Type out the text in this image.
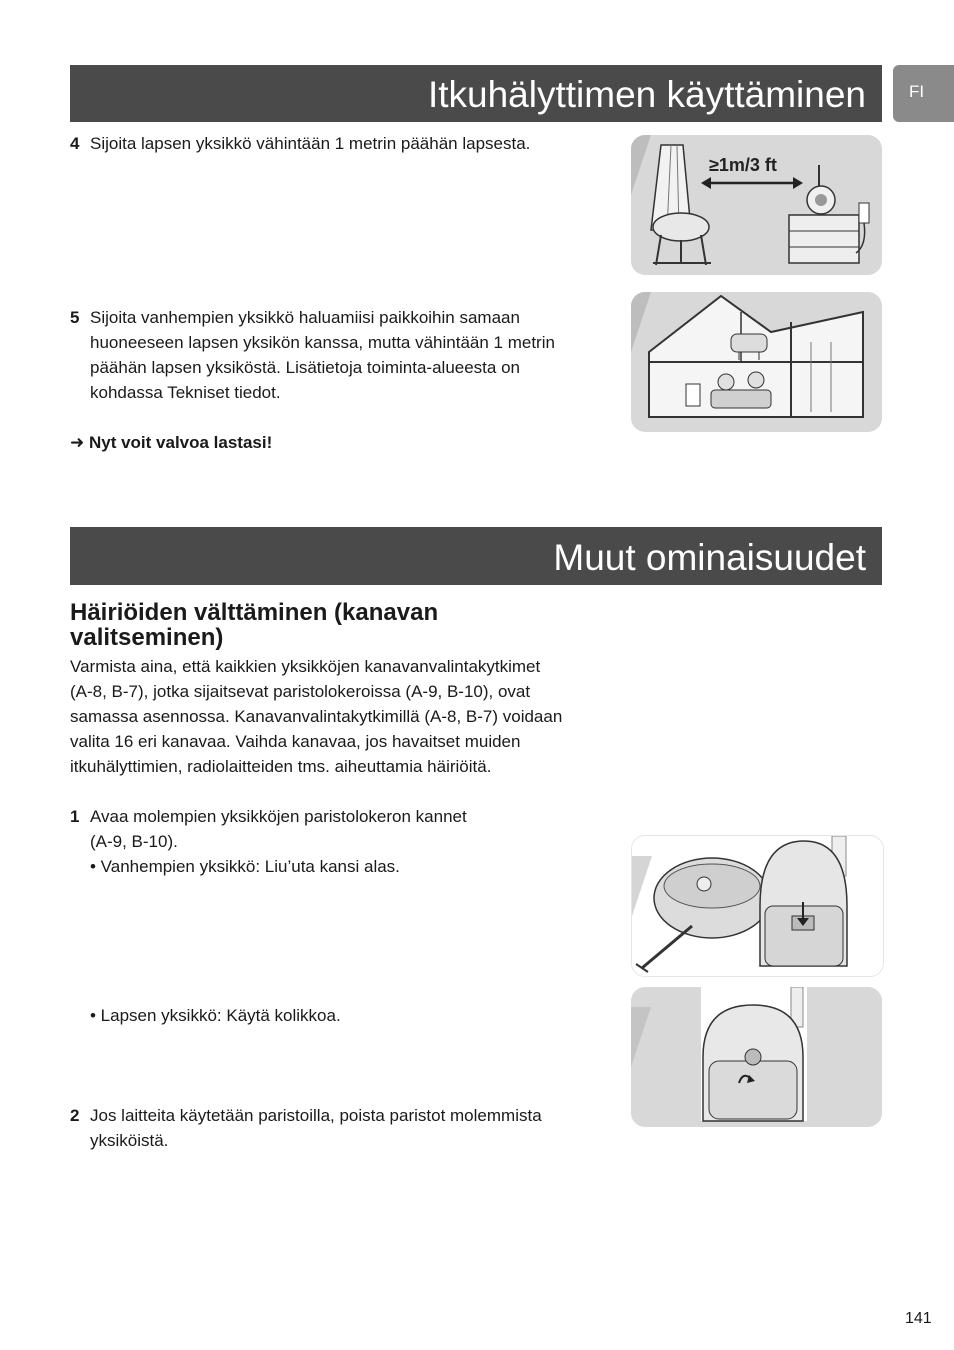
Itkuhälyttimen käyttäminen	FI
4 Sijoita lapsen yksikkö vähintään 1 metrin päähän lapsesta.
≥1m/3 ft
5 Sijoita vanhempien yksikkö haluamiisi paikkoihin samaan
huoneeseen lapsen yksikön kanssa, mutta vähintään 1 metrin
päähän lapsen yksiköstä. Lisätietoja toiminta-alueesta on
kohdassa Tekniset tiedot.
➜ Nyt voit valvoa lastasi!
Muut ominaisuudet
Häiriöiden välttäminen (kanavan valitseminen)
Varmista aina, että kaikkien yksikköjen kanavanvalintakytkimet
(A-8, B-7), jotka sijaitsevat paristolokeroissa (A-9, B-10), ovat
samassa asennossa. Kanavanvalintakytkimillä (A-8, B-7) voidaan
valita 16 eri kanavaa. Vaihda kanavaa, jos havaitset muiden
itkuhälyttimien, radiolaitteiden tms. aiheuttamia häiriöitä.
1 Avaa molempien yksikköjen paristolokeron kannet
(A-9, B-10).
• Vanhempien yksikkö: Liu’uta kansi alas.
• Lapsen yksikkö: Käytä kolikkoa.
2 Jos laitteita käytetään paristoilla, poista paristot molemmista
yksiköistä.
141
